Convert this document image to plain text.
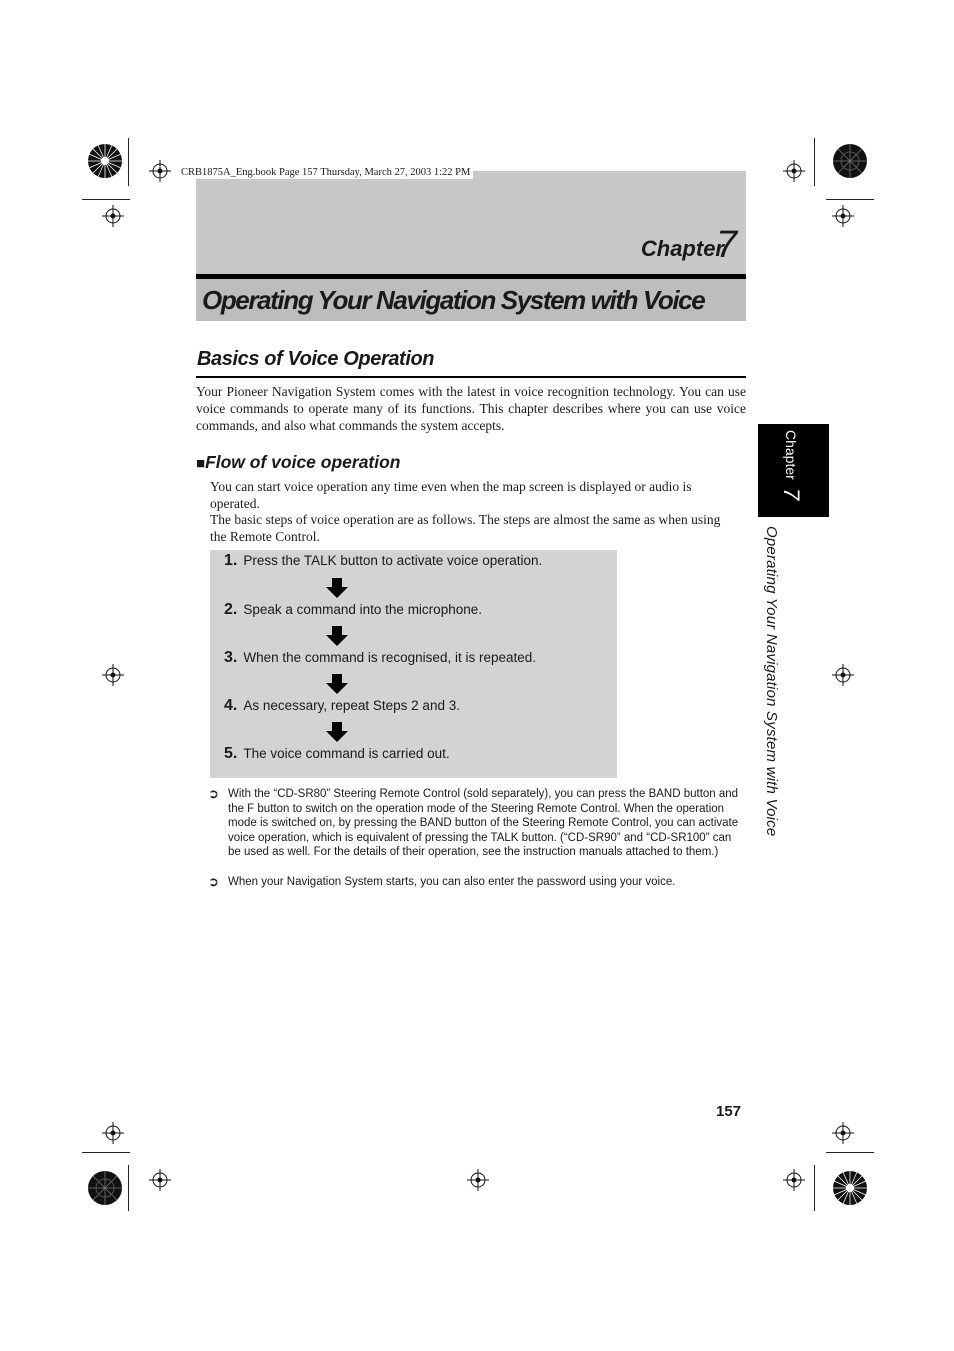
CRB1875A_Eng.book Page 157 Thursday, March 27, 2003 1:22 PM
Chapter
7
Operating Your Navigation System with Voice
Basics of Voice Operation

Your Pioneer Navigation System comes with the latest in voice recognition technology. You can use voice commands to operate many of its functions. This chapter describes where you can use voice commands, and also what commands the system accepts.

■Flow of voice operation

You can start voice operation any time even when the map screen is displayed or audio is operated.

The basic steps of voice operation are as follows. The steps are almost the same as when using the Remote Control.

1. Press the TALK button to activate voice operation.
2. Speak a command into the microphone.
3. When the command is recognised, it is repeated.
4. As necessary, repeat Steps 2 and 3.
5. The voice command is carried out.
➲ With the “CD-SR80” Steering Remote Control (sold separately), you can press the BAND button and the F button to switch on the operation mode of the Steering Remote Control. When the operation mode is switched on, by pressing the BAND button of the Steering Remote Control, you can activate voice operation, which is equivalent of pressing the TALK button. (“CD-SR90” and “CD-SR100” can be used as well. For the details of their operation, see the instruction manuals attached to them.)
➲ When your Navigation System starts, you can also enter the password using your voice.
Chapter 7
Operating Your Navigation System with Voice
157
